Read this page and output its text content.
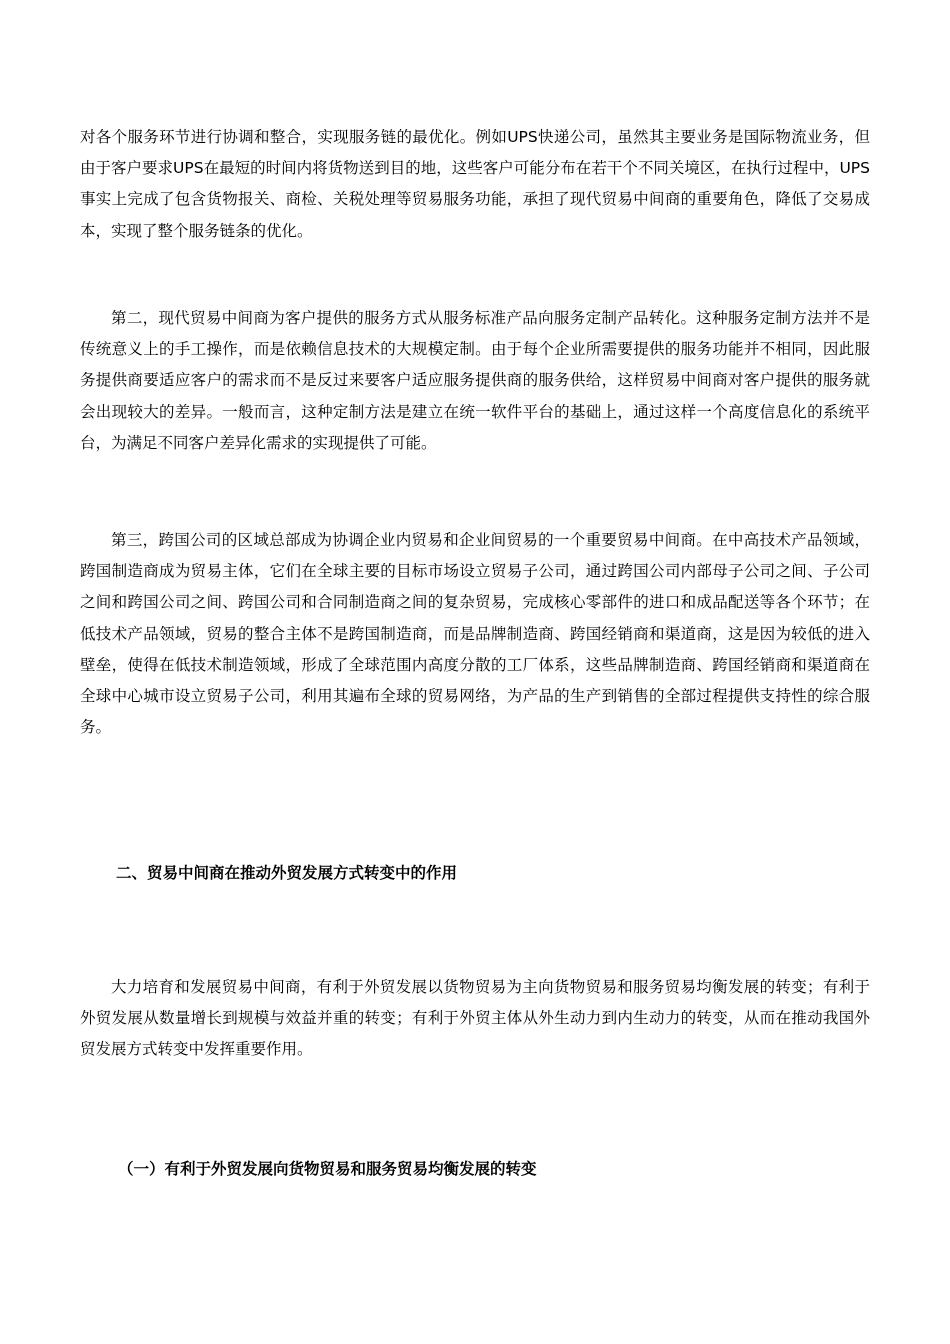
对各个服务环节进行协调和整合，实现服务链的最优化。例如UPS快递公司，虽然其主要业务是国际物流业务，但由于客户要求UPS在最短的时间内将货物送到目的地，这些客户可能分布在若干个不同关境区，在执行过程中，UPS事实上完成了包含货物报关、商检、关税处理等贸易服务功能，承担了现代贸易中间商的重要角色，降低了交易成本，实现了整个服务链条的优化。

第二，现代贸易中间商为客户提供的服务方式从服务标准产品向服务定制产品转化。这种服务定制方法并不是传统意义上的手工操作，而是依赖信息技术的大规模定制。由于每个企业所需要提供的服务功能并不相同，因此服务提供商要适应客户的需求而不是反过来要客户适应服务提供商的服务供给，这样贸易中间商对客户提供的服务就会出现较大的差异。一般而言，这种定制方法是建立在统一软件平台的基础上，通过这样一个高度信息化的系统平台，为满足不同客户差异化需求的实现提供了可能。

第三，跨国公司的区域总部成为协调企业内贸易和企业间贸易的一个重要贸易中间商。在中高技术产品领域，跨国制造商成为贸易主体，它们在全球主要的目标市场设立贸易子公司，通过跨国公司内部母子公司之间、子公司之间和跨国公司之间、跨国公司和合同制造商之间的复杂贸易，完成核心零部件的进口和成品配送等各个环节；在低技术产品领域，贸易的整合主体不是跨国制造商，而是品牌制造商、跨国经销商和渠道商，这是因为较低的进入壁垒，使得在低技术制造领域，形成了全球范围内高度分散的工厂体系，这些品牌制造商、跨国经销商和渠道商在全球中心城市设立贸易子公司，利用其遍布全球的贸易网络，为产品的生产到销售的全部过程提供支持性的综合服务。

二、贸易中间商在推动外贸发展方式转变中的作用

大力培育和发展贸易中间商，有利于外贸发展以货物贸易为主向货物贸易和服务贸易均衡发展的转变；有利于外贸发展从数量增长到规模与效益并重的转变；有利于外贸主体从外生动力到内生动力的转变，从而在推动我国外贸发展方式转变中发挥重要作用。

（一）有利于外贸发展向货物贸易和服务贸易均衡发展的转变
